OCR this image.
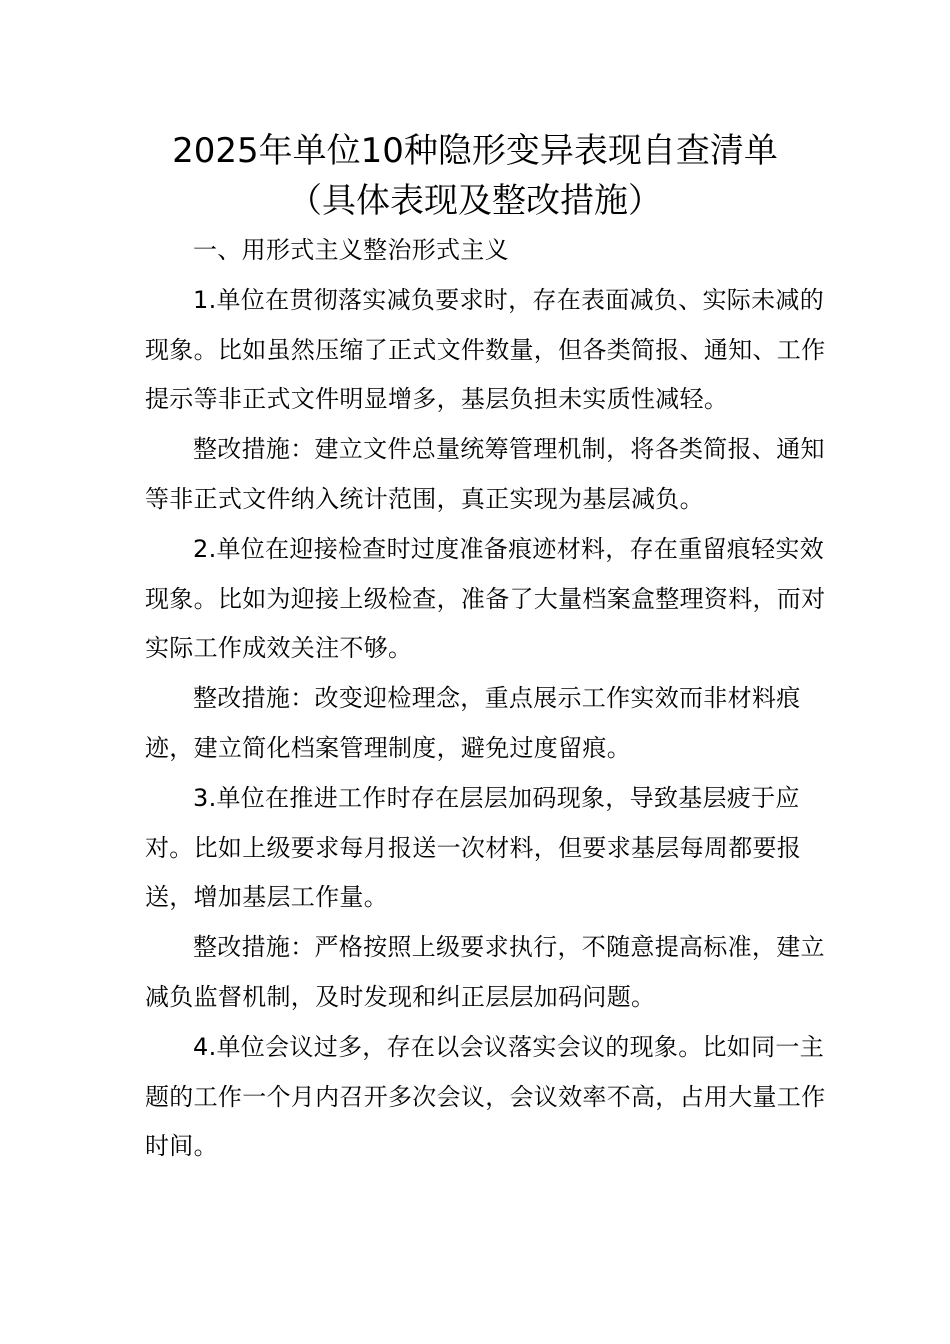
2025年单位10种隐形变异表现自查清单
（具体表现及整改措施）

一、用形式主义整治形式主义

1.单位在贯彻落实减负要求时，存在表面减负、实际未减的现象。比如虽然压缩了正式文件数量，但各类简报、通知、工作提示等非正式文件明显增多，基层负担未实质性减轻。

整改措施：建立文件总量统筹管理机制，将各类简报、通知等非正式文件纳入统计范围，真正实现为基层减负。

2.单位在迎接检查时过度准备痕迹材料，存在重留痕轻实效现象。比如为迎接上级检查，准备了大量档案盒整理资料，而对实际工作成效关注不够。

整改措施：改变迎检理念，重点展示工作实效而非材料痕迹，建立简化档案管理制度，避免过度留痕。

3.单位在推进工作时存在层层加码现象，导致基层疲于应对。比如上级要求每月报送一次材料，但要求基层每周都要报送，增加基层工作量。

整改措施：严格按照上级要求执行，不随意提高标准，建立减负监督机制，及时发现和纠正层层加码问题。

4.单位会议过多，存在以会议落实会议的现象。比如同一主题的工作一个月内召开多次会议，会议效率不高，占用大量工作时间。
